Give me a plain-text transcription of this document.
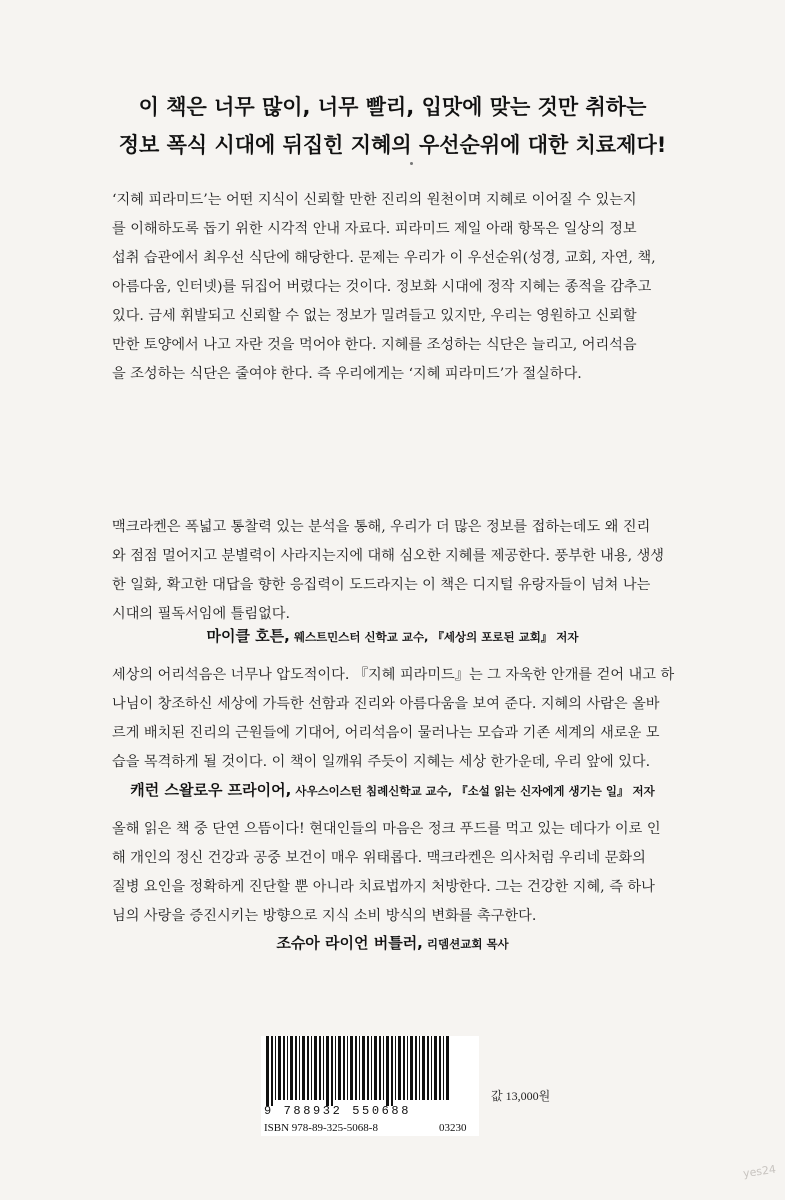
이 책은 너무 많이, 너무 빨리, 입맛에 맞는 것만 취하는
정보 폭식 시대에 뒤집힌 지혜의 우선순위에 대한 치료제다!
‘지혜 피라미드’는 어떤 지식이 신뢰할 만한 진리의 원천이며 지혜로 이어질 수 있는지
를 이해하도록 돕기 위한 시각적 안내 자료다. 피라미드 제일 아래 항목은 일상의 정보
섭취 습관에서 최우선 식단에 해당한다. 문제는 우리가 이 우선순위(성경, 교회, 자연, 책,
아름다움, 인터넷)를 뒤집어 버렸다는 것이다. 정보화 시대에 정작 지혜는 종적을 감추고
있다. 금세 휘발되고 신뢰할 수 없는 정보가 밀려들고 있지만, 우리는 영원하고 신뢰할
만한 토양에서 나고 자란 것을 먹어야 한다. 지혜를 조성하는 식단은 늘리고, 어리석음
을 조성하는 식단은 줄여야 한다. 즉 우리에게는 ‘지혜 피라미드’가 절실하다.
맥크라켄은 폭넓고 통찰력 있는 분석을 통해, 우리가 더 많은 정보를 접하는데도 왜 진리
와 점점 멀어지고 분별력이 사라지는지에 대해 심오한 지혜를 제공한다. 풍부한 내용, 생생
한 일화, 확고한 대답을 향한 응집력이 도드라지는 이 책은 디지털 유랑자들이 넘쳐 나는
시대의 필독서임에 틀림없다.
마이클 호튼, 웨스트민스터 신학교 교수, 『세상의 포로된 교회』 저자
세상의 어리석음은 너무나 압도적이다. 『지혜 피라미드』는 그 자욱한 안개를 걷어 내고 하
나님이 창조하신 세상에 가득한 선함과 진리와 아름다움을 보여 준다. 지혜의 사람은 올바
르게 배치된 진리의 근원들에 기대어, 어리석음이 물러나는 모습과 기존 세계의 새로운 모
습을 목격하게 될 것이다. 이 책이 일깨워 주듯이 지혜는 세상 한가운데, 우리 앞에 있다.
캐런 스왈로우 프라이어, 사우스이스턴 침례신학교 교수, 『소설 읽는 신자에게 생기는 일』 저자
올해 읽은 책 중 단연 으뜸이다! 현대인들의 마음은 정크 푸드를 먹고 있는 데다가 이로 인
해 개인의 정신 건강과 공중 보건이 매우 위태롭다. 맥크라켄은 의사처럼 우리네 문화의
질병 요인을 정확하게 진단할 뿐 아니라 치료법까지 처방한다. 그는 건강한 지혜, 즉 하나
님의 사랑을 증진시키는 방향으로 지식 소비 방식의 변화를 촉구한다.
조슈아 라이언 버틀러, 리뎀션교회 목사
9 788932 550688
ISBN 978-89-325-5068-8	03230
값 13,000원
yes24
